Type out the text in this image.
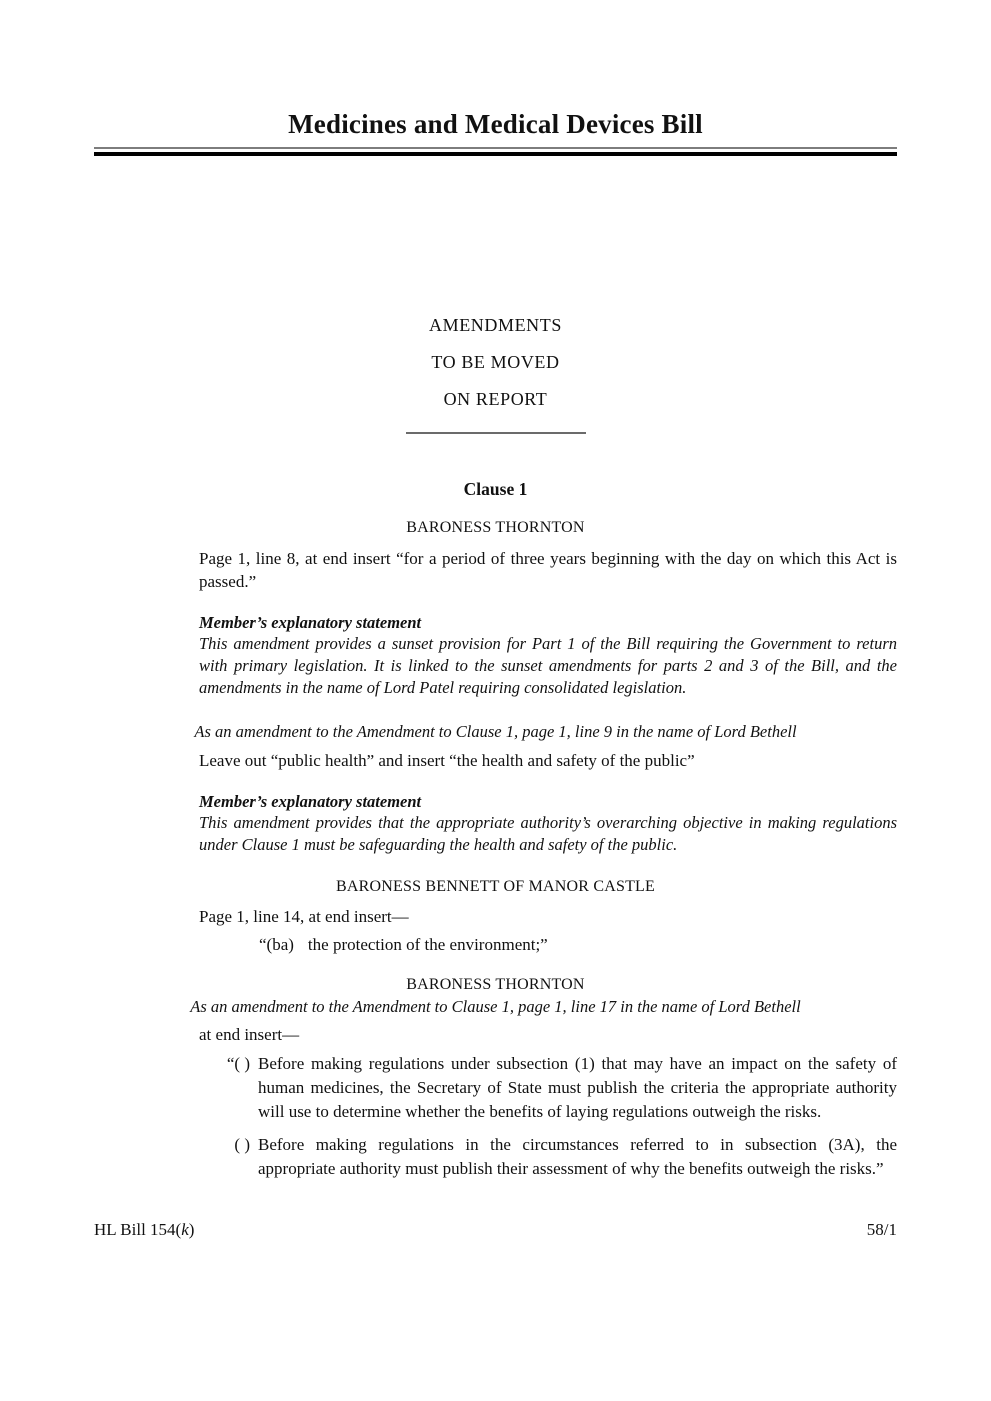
Medicines and Medical Devices Bill
AMENDMENTS
TO BE MOVED
ON REPORT
Clause 1
BARONESS THORNTON
Page 1, line 8, at end insert “for a period of three years beginning with the day on which this Act is passed.”
Member’s explanatory statement
This amendment provides a sunset provision for Part 1 of the Bill requiring the Government to return with primary legislation. It is linked to the sunset amendments for parts 2 and 3 of the Bill, and the amendments in the name of Lord Patel requiring consolidated legislation.
As an amendment to the Amendment to Clause 1, page 1, line 9 in the name of Lord Bethell
Leave out “public health” and insert “the health and safety of the public”
Member’s explanatory statement
This amendment provides that the appropriate authority’s overarching objective in making regulations under Clause 1 must be safeguarding the health and safety of the public.
BARONESS BENNETT OF MANOR CASTLE
Page 1, line 14, at end insert—
“(ba) the protection of the environment;”
BARONESS THORNTON
As an amendment to the Amendment to Clause 1, page 1, line 17 in the name of Lord Bethell
at end insert—
“( ) Before making regulations under subsection (1) that may have an impact on the safety of human medicines, the Secretary of State must publish the criteria the appropriate authority will use to determine whether the benefits of laying regulations outweigh the risks.
( ) Before making regulations in the circumstances referred to in subsection (3A), the appropriate authority must publish their assessment of why the benefits outweigh the risks.”
HL Bill 154(k)	58/1
